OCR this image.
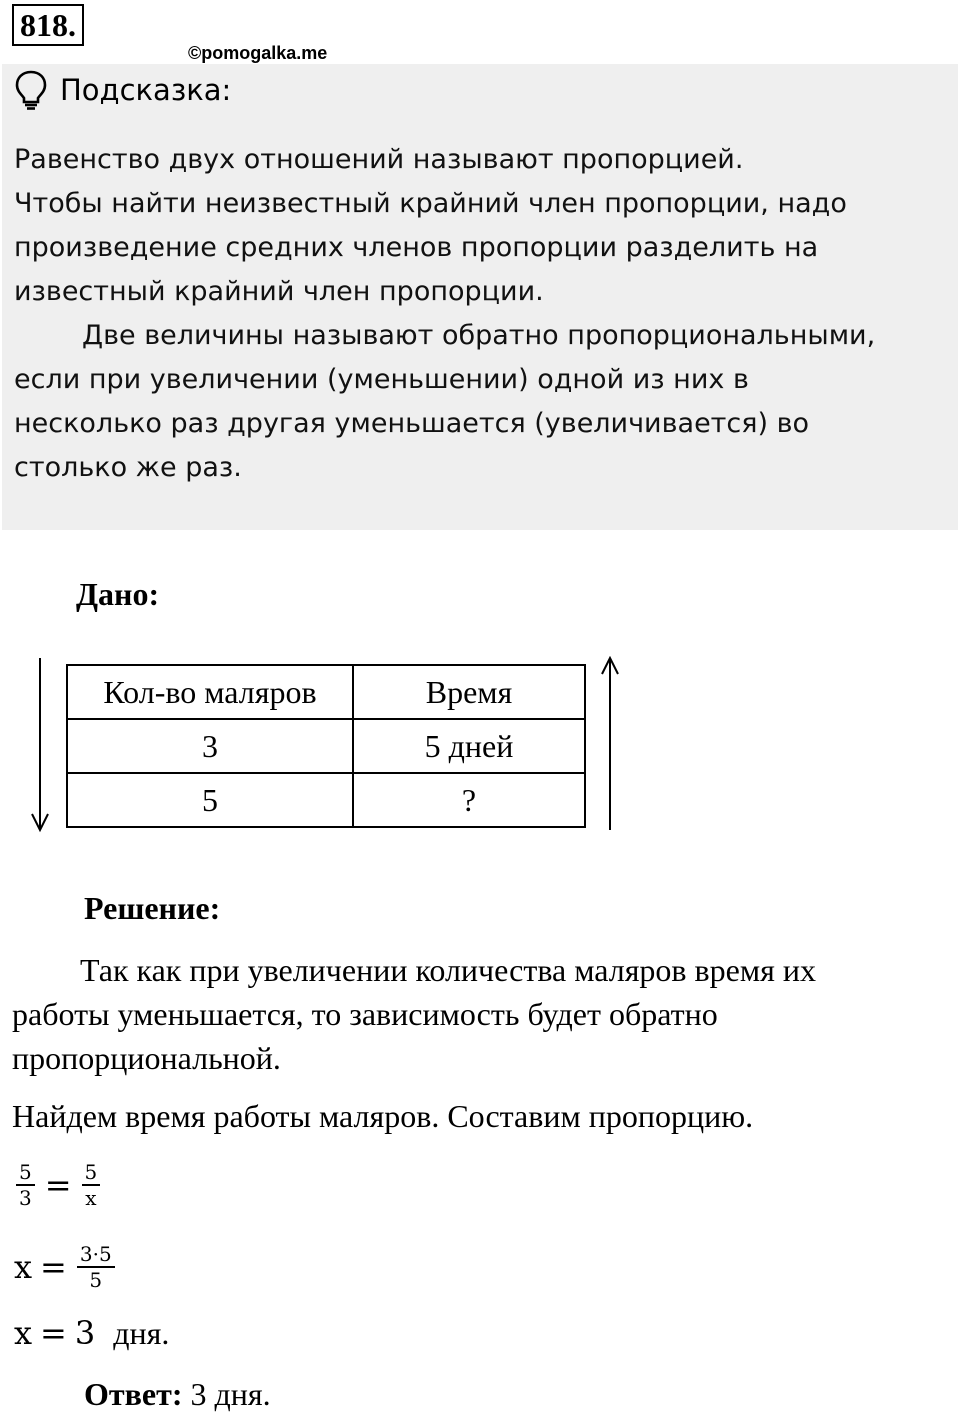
818.
©pomogalka.me
Подсказка:

Равенство двух отношений называют пропорцией.

Чтобы найти неизвестный крайний член пропорции, надо

произведение средних членов пропорции разделить на

известный крайний член пропорции.

Две величины называют обратно пропорциональными,

если при увеличении (уменьшении) одной из них в

несколько раз другая уменьшается (увеличивается) во

столько же раз.

Дано:
Кол-во маляров	Время
3	5 дней
5	?
Решение:

Так как при увеличении количества маляров время их

работы уменьшается, то зависимость будет обратно

пропорциональной.

Найдем время работы маляров. Составим пропорцию.
$\frac{5}{3} = \frac{5}{x}$
$x = \frac{3\cdot 5}{5}$
x = 3 дня.
Ответ: 3 дня.
